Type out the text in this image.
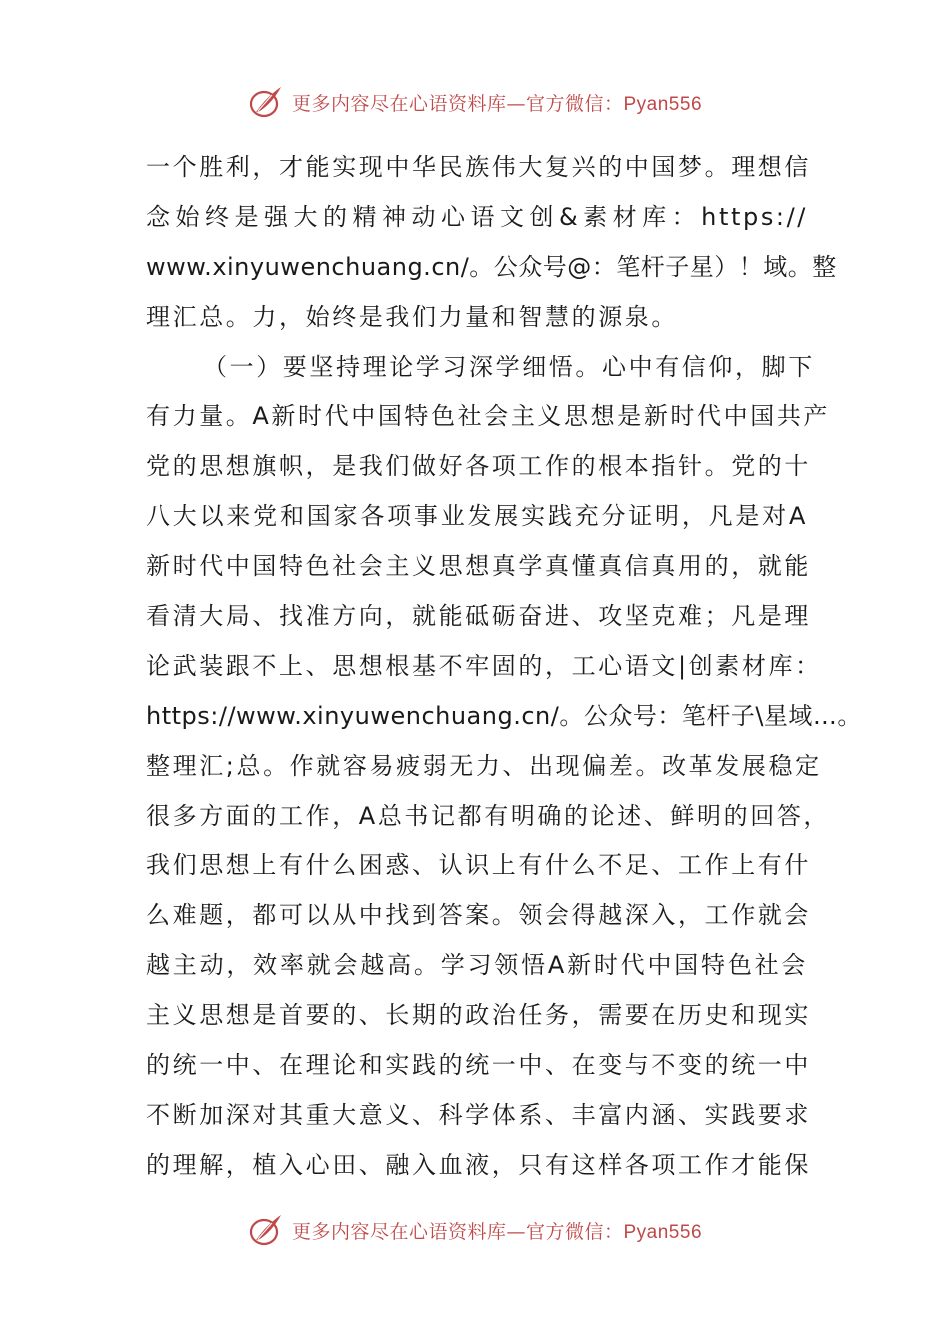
更多内容尽在心语资料库—官方微信：Pyan556
一个胜利，才能实现中华民族伟大复兴的中国梦。理想信
念始终是强大的精神动心语文创&素材库：https://
www.xinyuwenchuang.cn/。公众号@：笔杆子星）！域。整
理汇总。力，始终是我们力量和智慧的源泉。
（一）要坚持理论学习深学细悟。心中有信仰，脚下
有力量。A新时代中国特色社会主义思想是新时代中国共产
党的思想旗帜，是我们做好各项工作的根本指针。党的十
八大以来党和国家各项事业发展实践充分证明，凡是对A
新时代中国特色社会主义思想真学真懂真信真用的，就能
看清大局、找准方向，就能砥砺奋进、攻坚克难；凡是理
论武装跟不上、思想根基不牢固的，工心语文|创素材库：
https://www.xinyuwenchuang.cn/。公众号：笔杆子\星域…。
整理汇;总。作就容易疲弱无力、出现偏差。改革发展稳定
很多方面的工作，A总书记都有明确的论述、鲜明的回答，
我们思想上有什么困惑、认识上有什么不足、工作上有什
么难题，都可以从中找到答案。领会得越深入，工作就会
越主动，效率就会越高。学习领悟A新时代中国特色社会
主义思想是首要的、长期的政治任务，需要在历史和现实
的统一中、在理论和实践的统一中、在变与不变的统一中
不断加深对其重大意义、科学体系、丰富内涵、实践要求
的理解，植入心田、融入血液，只有这样各项工作才能保
更多内容尽在心语资料库—官方微信：Pyan556
